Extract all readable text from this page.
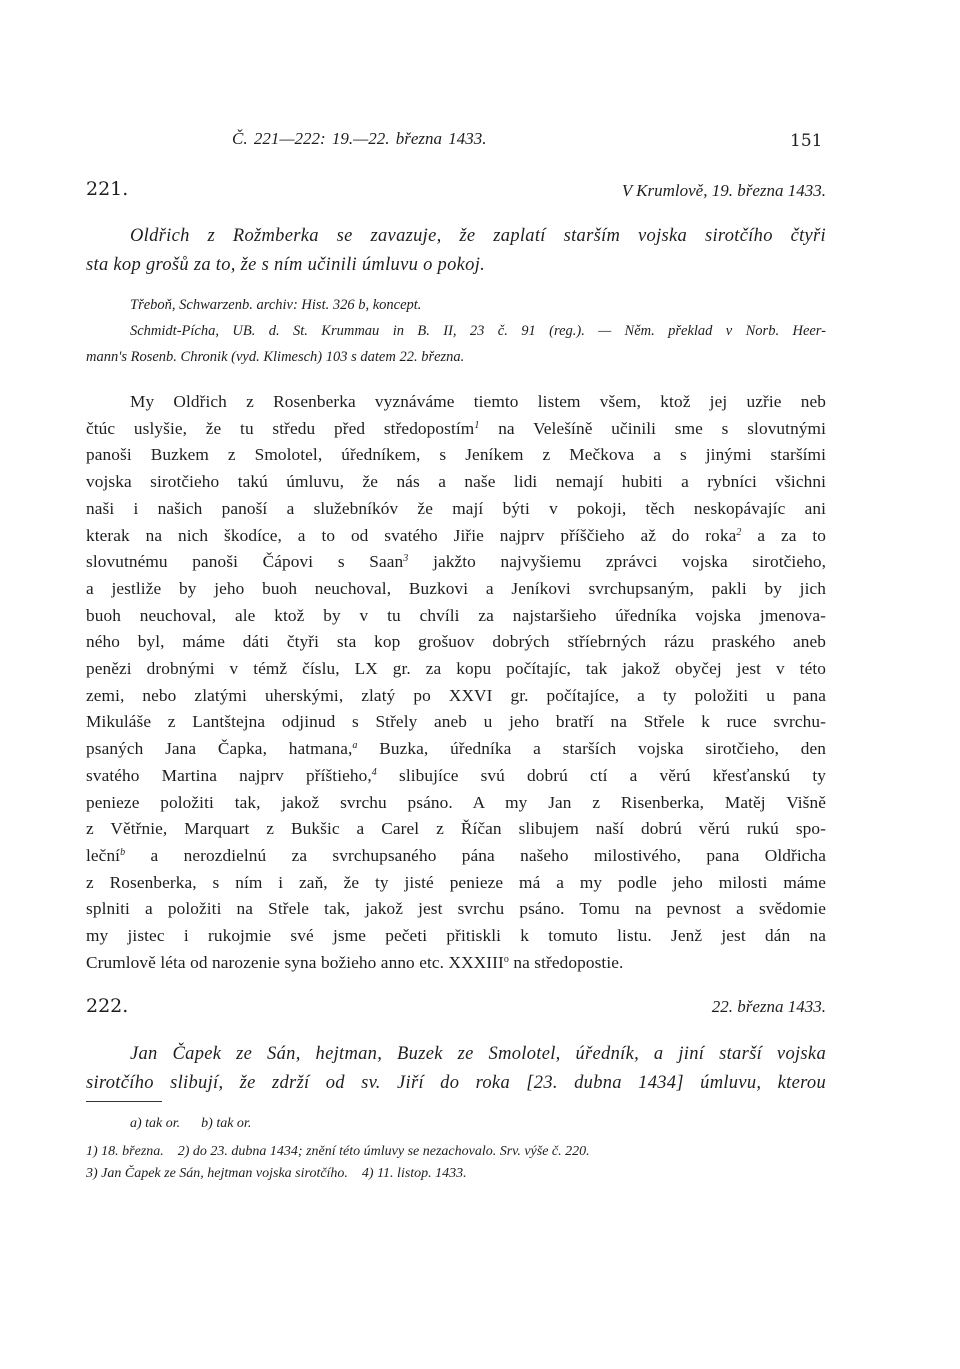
Č. 221—222: 19.—22. března 1433.	151
221.	V Krumlově, 19. března 1433.
Oldřich z Rožmberka se zavazuje, že zaplatí starším vojska sirotčího čtyři
sta kop grošů za to, že s ním učinili úmluvu o pokoj.
Třeboň, Schwarzenb. archiv: Hist. 326 b, koncept.
Schmidt-Pícha, UB. d. St. Krummau in B. II, 23 č. 91 (reg.). — Něm. překlad v Norb. Heer-
mann's Rosenb. Chronik (vyd. Klimesch) 103 s datem 22. března.
My Oldřich z Rosenberka vyznáváme tiemto listem všem, ktož jej uzřie neb
čtúc uslyšie, že tu středu před středopostím$^1$ na Velešíně učinili sme s slovutnými
panoši Buzkem z Smolotel, úředníkem, s Jeníkem z Mečkova a s jinými staršími
vojska sirotčieho takú úmluvu, že nás a naše lidi nemají hubiti a rybníci všichni
naši i našich panoší a služebníkóv že mají býti v pokoji, těch neskopávajíc ani
kterak na nich škodíce, a to od svatého Jiřie najprv příščieho až do roka$^2$ a za to
slovutnému panoši Čápovi s Saan$^3$ jakžto najvyšiemu zprávci vojska sirotčieho,
a jestliže by jeho buoh neuchoval, Buzkovi a Jeníkovi svrchupsaným, pakli by jich
buoh neuchoval, ale ktož by v tu chvíli za najstaršieho úředníka vojska jmenova-
ného byl, máme dáti čtyři sta kop grošuov dobrých stříebrných rázu praského aneb
penězi drobnými v témž číslu, LX gr. za kopu počítajíc, tak jakož obyčej jest v této
zemi, nebo zlatými uherskými, zlatý po XXVI gr. počítajíce, a ty položiti u pana
Mikuláše z Lantštejna odjinud s Střely aneb u jeho bratří na Střele k ruce svrchu-
psaných Jana Čapka, hatmana,$^a$ Buzka, úředníka a starších vojska sirotčieho, den
svatého Martina najprv příštieho,$^4$ slibujíce svú dobrú ctí a věrú křesťanskú ty
penieze položiti tak, jakož svrchu psáno. A my Jan z Risenberka, Matěj Višně
z Větřnie, Marquart z Bukšic a Carel z Říčan slibujem naší dobrú věrú rukú spo-
leční$^b$ a nerozdielnú za svrchupsaného pána našeho milostivého, pana Oldřicha
z Rosenberka, s ním i zaň, že ty jisté penieze má a my podle jeho milosti máme
splniti a položiti na Střele tak, jakož jest svrchu psáno. Tomu na pevnost a svědomie
my jistec i rukojmie své jsme pečeti přitiskli k tomuto listu. Jenž jest dán na
Crumlově léta od narozenie syna božieho anno etc. XXXIII$^o$ na středopostie.
222.	22. března 1433.
Jan Čapek ze Sán, hejtman, Buzek ze Smolotel, úředník, a jiní starší vojska
sirotčího slibují, že zdrží od sv. Jiří do roka [23. dubna 1434] úmluvu, kterou
a) tak or.      b) tak or.
1) 18. března.    2) do 23. dubna 1434; znění této úmluvy se nezachovalo. Srv. výše č. 220.
3) Jan Čapek ze Sán, hejtman vojska sirotčího.    4) 11. listop. 1433.
